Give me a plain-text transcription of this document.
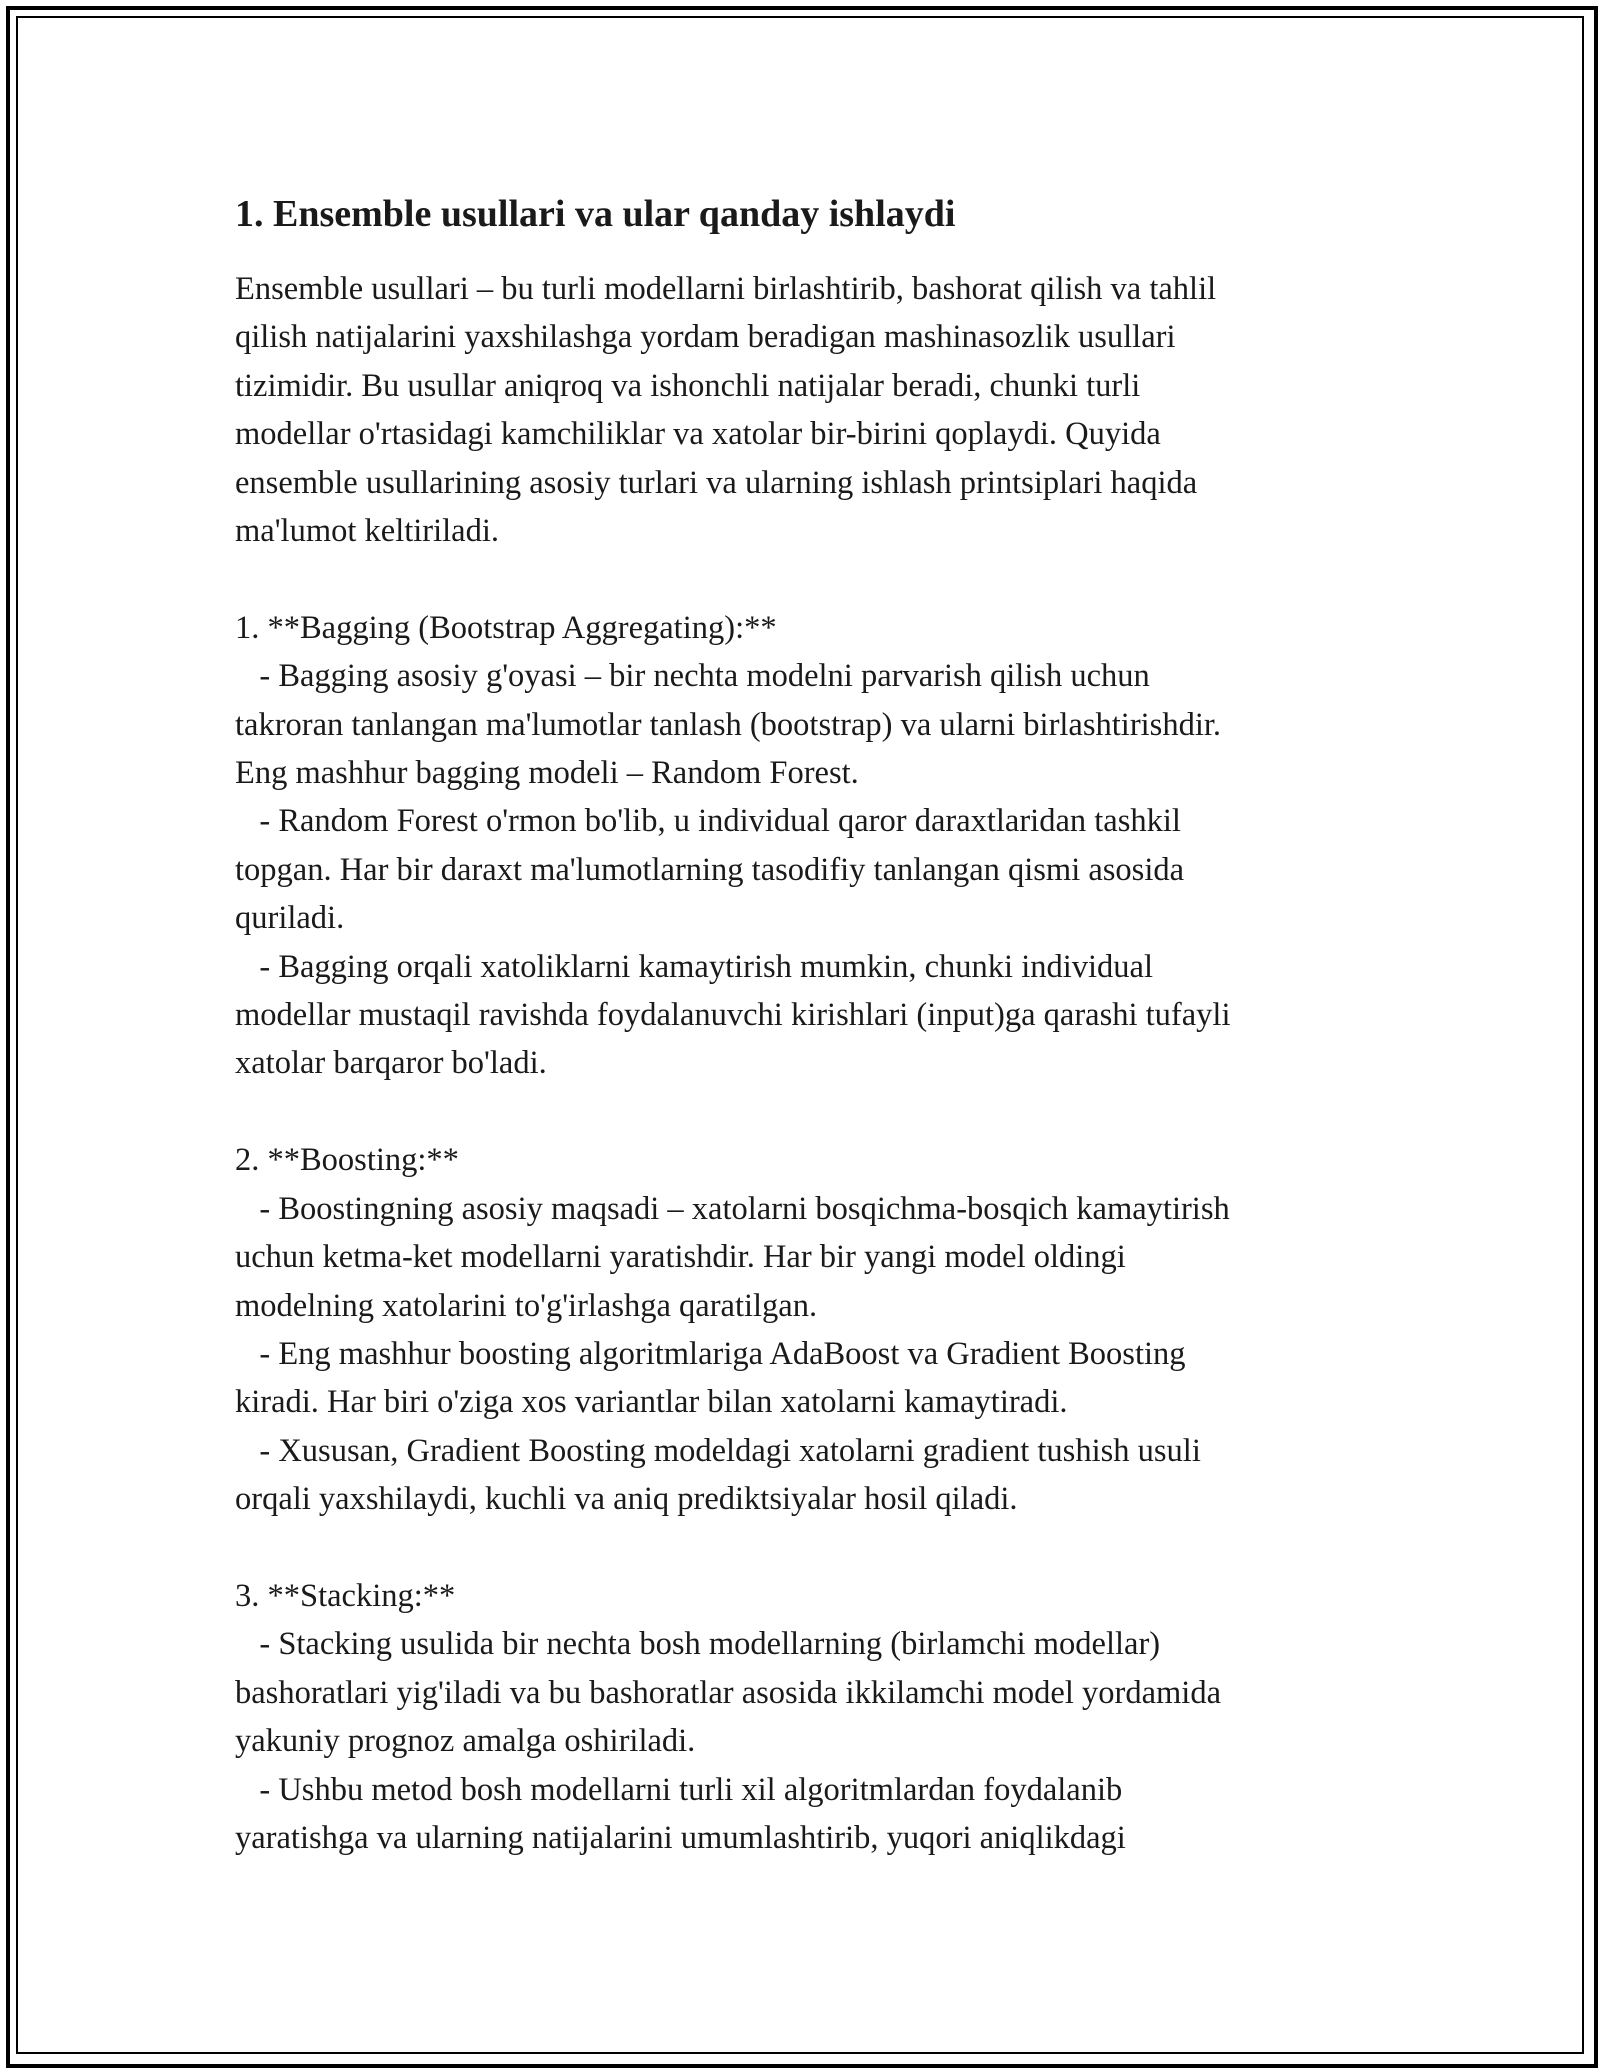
1. Ensemble usullari va ular qanday ishlaydi

Ensemble usullari – bu turli modellarni birlashtirib, bashorat qilish va tahlil

qilish natijalarini yaxshilashga yordam beradigan mashinasozlik usullari

tizimidir. Bu usullar aniqroq va ishonchli natijalar beradi, chunki turli

modellar o'rtasidagi kamchiliklar va xatolar bir-birini qoplaydi. Quyida

ensemble usullarining asosiy turlari va ularning ishlash printsiplari haqida

ma'lumot keltiriladi.

1. **Bagging (Bootstrap Aggregating):**

- Bagging asosiy g'oyasi – bir nechta modelni parvarish qilish uchun

takroran tanlangan ma'lumotlar tanlash (bootstrap) va ularni birlashtirishdir.

Eng mashhur bagging modeli – Random Forest.

- Random Forest o'rmon bo'lib, u individual qaror daraxtlaridan tashkil

topgan. Har bir daraxt ma'lumotlarning tasodifiy tanlangan qismi asosida

quriladi.

- Bagging orqali xatoliklarni kamaytirish mumkin, chunki individual

modellar mustaqil ravishda foydalanuvchi kirishlari (input)ga qarashi tufayli

xatolar barqaror bo'ladi.

2. **Boosting:**

- Boostingning asosiy maqsadi – xatolarni bosqichma-bosqich kamaytirish

uchun ketma-ket modellarni yaratishdir. Har bir yangi model oldingi

modelning xatolarini to'g'irlashga qaratilgan.

- Eng mashhur boosting algoritmlariga AdaBoost va Gradient Boosting

kiradi. Har biri o'ziga xos variantlar bilan xatolarni kamaytiradi.

- Xususan, Gradient Boosting modeldagi xatolarni gradient tushish usuli

orqali yaxshilaydi, kuchli va aniq prediktsiyalar hosil qiladi.

3. **Stacking:**

- Stacking usulida bir nechta bosh modellarning (birlamchi modellar)

bashoratlari yig'iladi va bu bashoratlar asosida ikkilamchi model yordamida

yakuniy prognoz amalga oshiriladi.

- Ushbu metod bosh modellarni turli xil algoritmlardan foydalanib

yaratishga va ularning natijalarini umumlashtirib, yuqori aniqlikdagi
